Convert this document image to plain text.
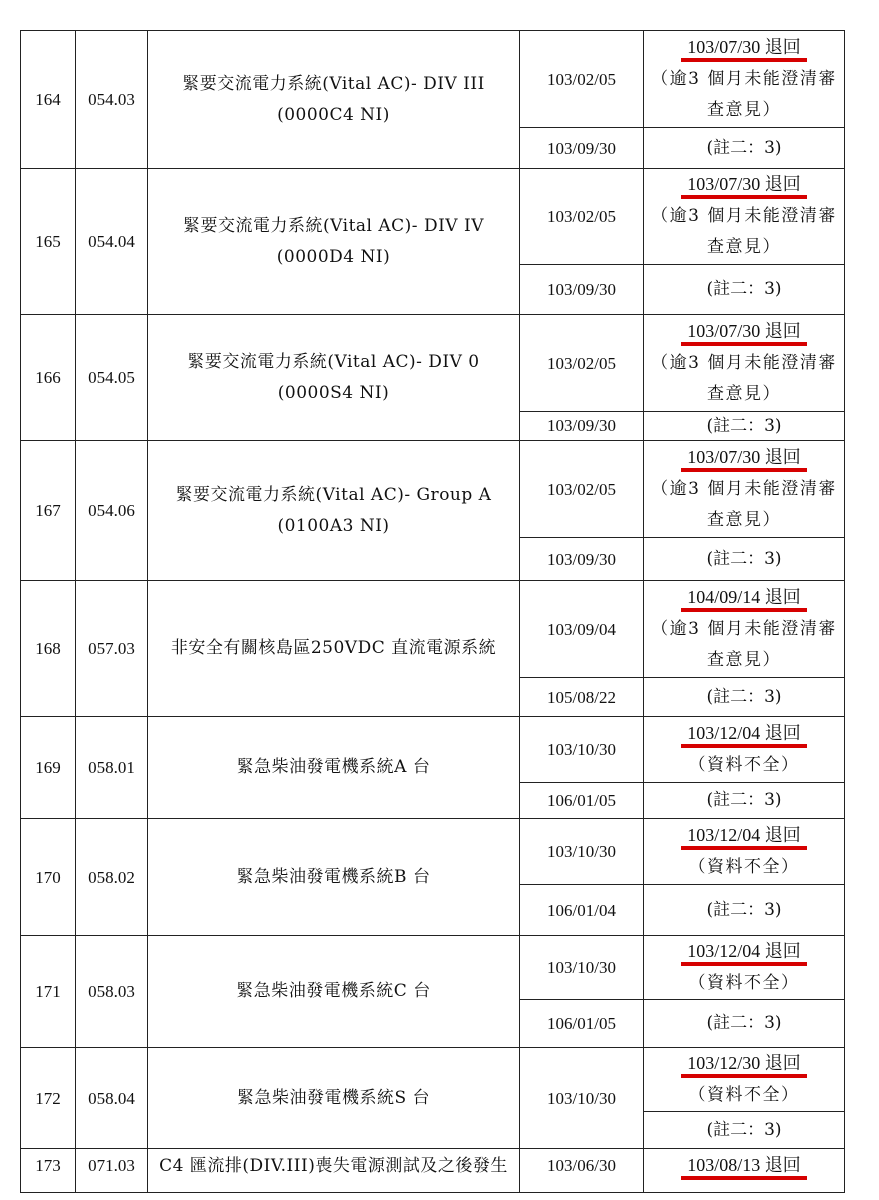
164	054.03	緊要交流電力系統(Vital AC)- DIV III (0000C4 NI)	103/02/05	103/07/30 退回
（逾3 個月未能澄清審查意見）

			103/09/30	(註二：3)
165	054.04	緊要交流電力系統(Vital AC)- DIV IV (0000D4 NI)	103/02/05	103/07/30 退回
（逾3 個月未能澄清審查意見）

			103/09/30	(註二：3)
166	054.05	緊要交流電力系統(Vital AC)- DIV 0 (0000S4 NI)	103/02/05	103/07/30 退回
（逾3 個月未能澄清審查意見）

			103/09/30	(註二：3)
167	054.06	緊要交流電力系統(Vital AC)- Group A (0100A3 NI)	103/02/05	103/07/30 退回
（逾3 個月未能澄清審查意見）

			103/09/30	(註二：3)
168	057.03	非安全有關核島區250VDC 直流電源系統	103/09/04	104/09/14 退回
（逾3 個月未能澄清審查意見）

			105/08/22	(註二：3)
169	058.01	緊急柴油發電機系統A 台	103/10/30	103/12/04 退回
（資料不全）

			106/01/05	(註二：3)
170	058.02	緊急柴油發電機系統B 台	103/10/30	103/12/04 退回
（資料不全）

			106/01/04	(註二：3)
171	058.03	緊急柴油發電機系統C 台	103/10/30	103/12/04 退回
（資料不全）

			106/01/05	(註二：3)
172	058.04	緊急柴油發電機系統S 台	103/10/30	103/12/30 退回
（資料不全）

				(註二：3)
173	071.03	C4 匯流排(DIV.III)喪失電源測試及之後發生	103/06/30	103/08/13 退回
